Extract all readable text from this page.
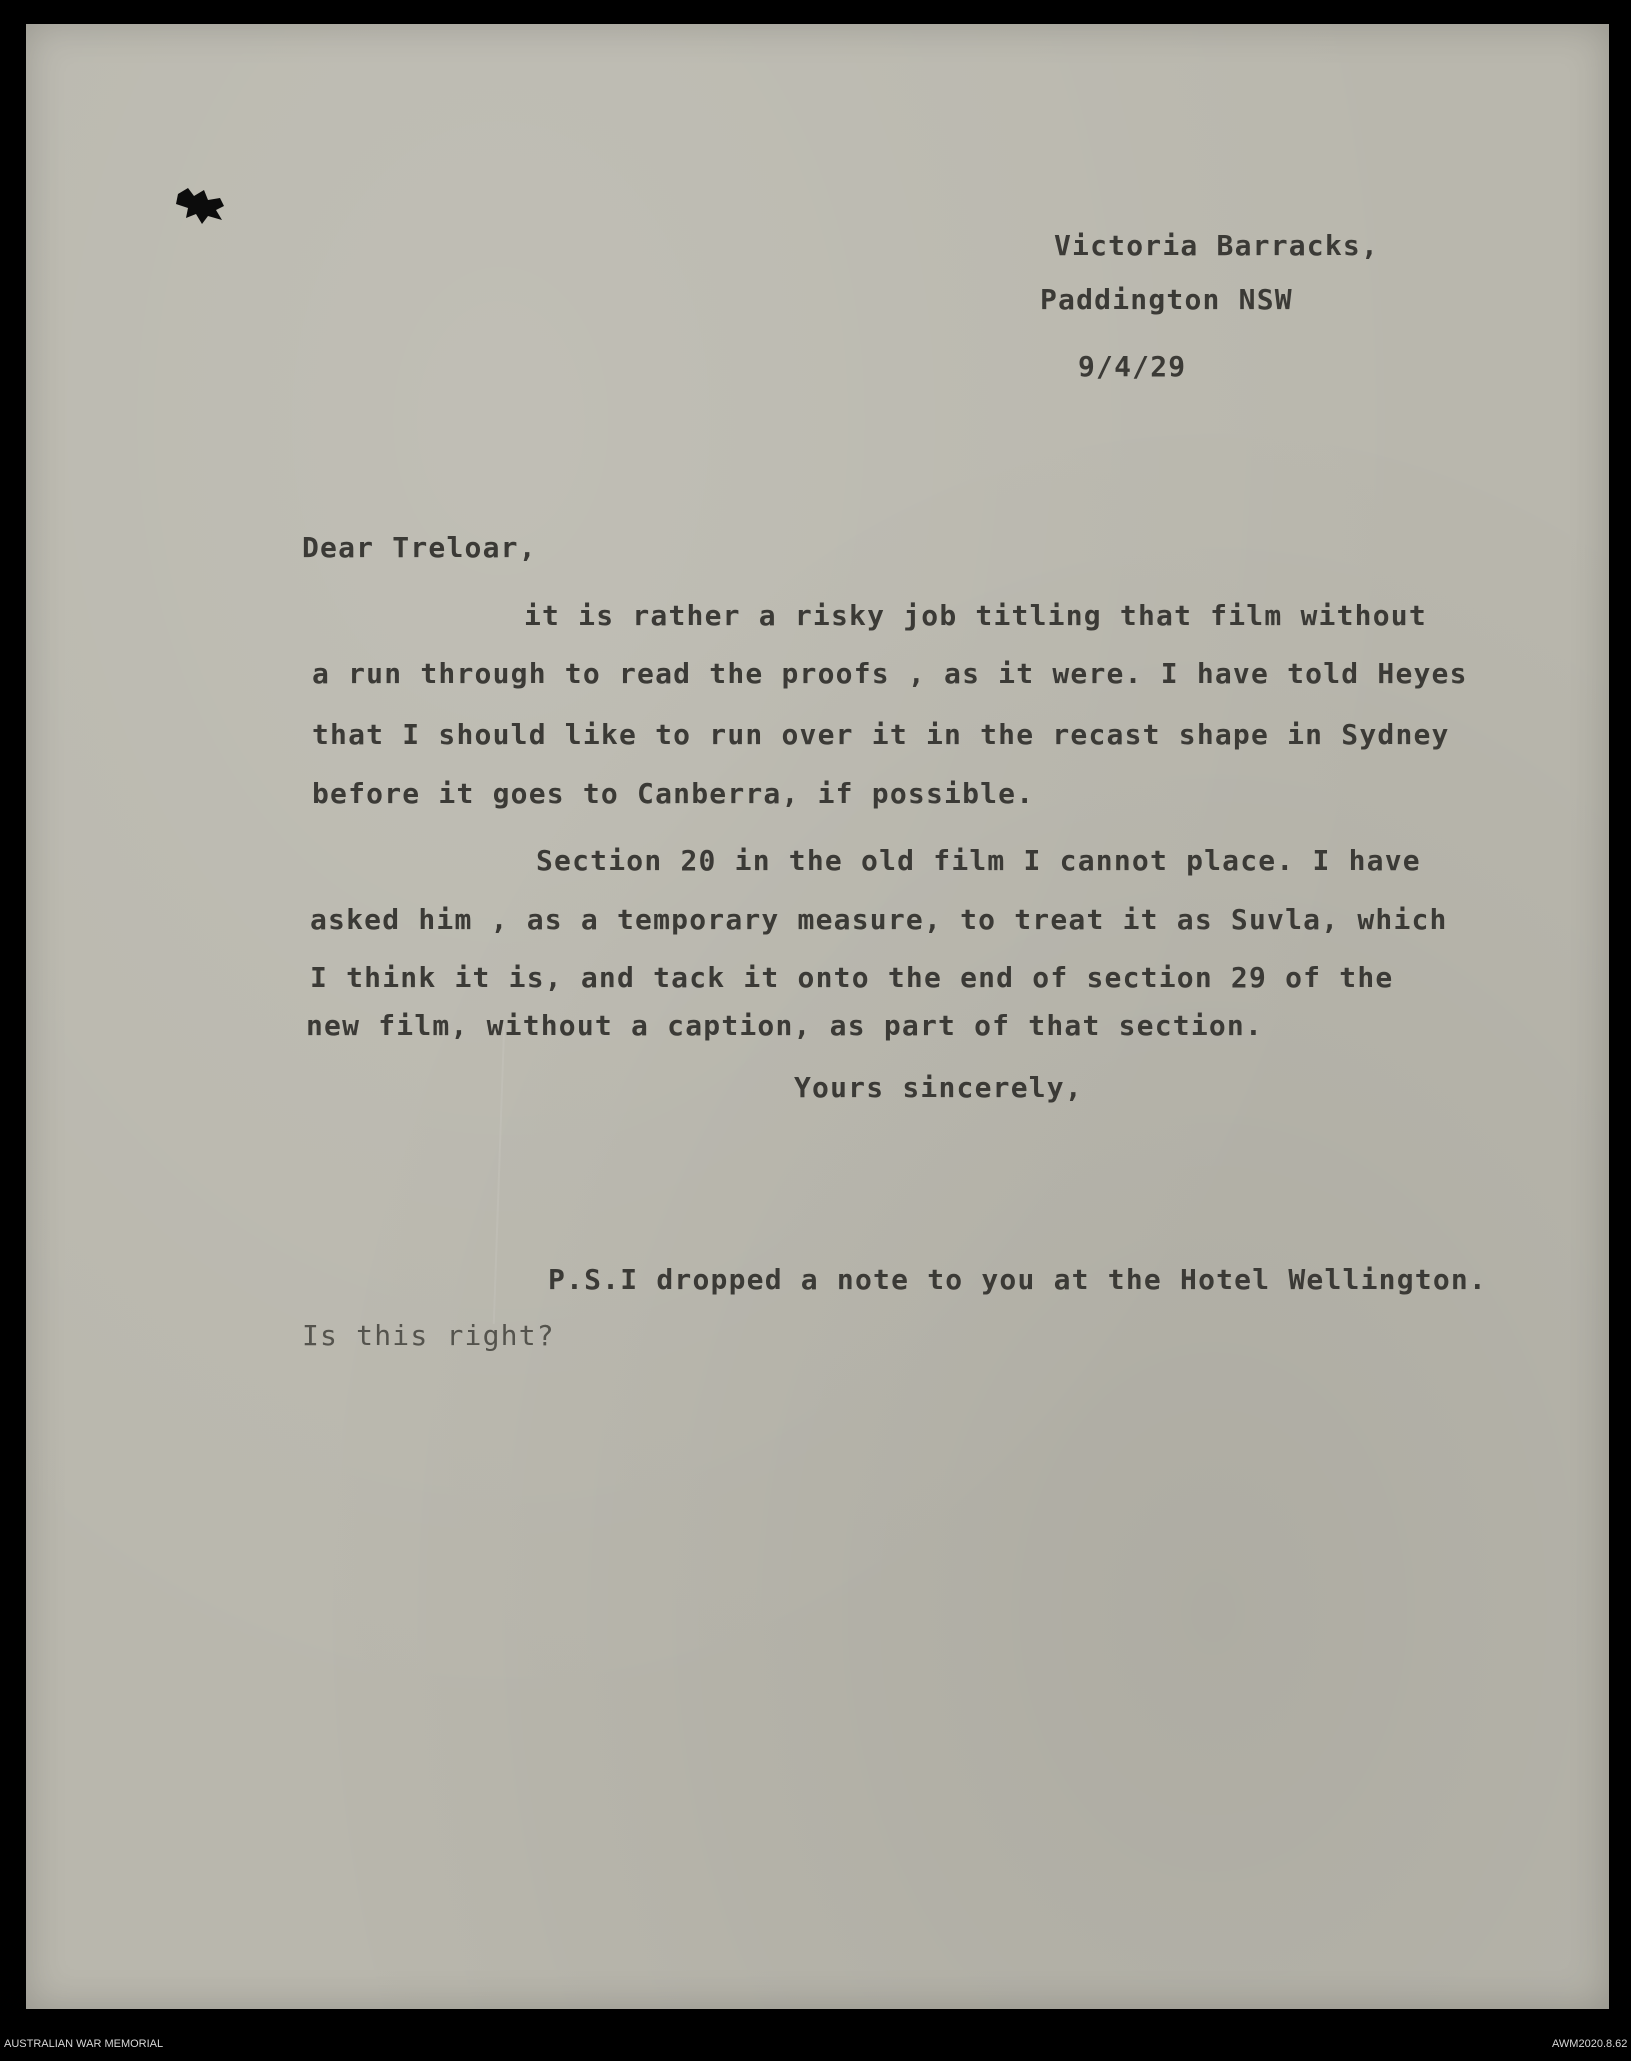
Victoria Barracks,
Paddington NSW
9/4/29
Dear Treloar,
it is rather a risky job titling that film without
a run through to read the proofs , as it were. I have told Heyes
that I should like to run over it in the recast shape in Sydney
before it goes to Canberra, if possible.
Section 20 in the old film I cannot place. I have
asked him , as a temporary measure, to treat it as Suvla, which
I think it is, and tack it onto the end of section 29 of the
new film, without a caption, as part of that section.
Yours sincerely,
P.S.I dropped a note to you at the Hotel Wellington.
Is this right?
AUSTRALIAN WAR MEMORIAL	AWM2020.8.62
